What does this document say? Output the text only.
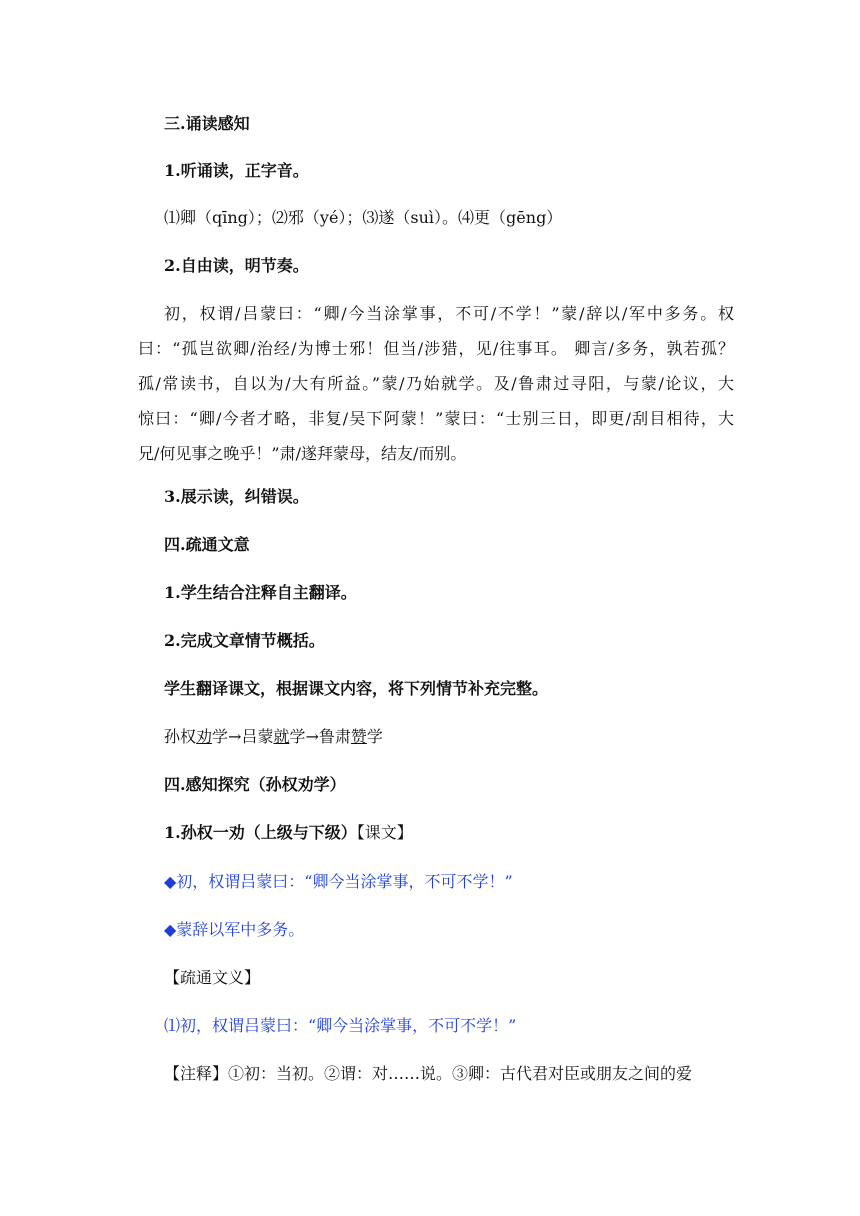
三.诵读感知
1.听诵读，正字音。
⑴卿（qīng）；⑵邪（yé）；⑶遂（suì）。⑷更（gēng）
2.自由读，明节奏。
初，权谓/吕蒙曰：“卿/今当涂掌事，不可/不学！”蒙/辞以/军中多务。权
曰：“孤岂欲卿/治经/为博士邪！但当/涉猎，见/往事耳。 卿言/多务，孰若孤？
孤/常读书，自以为/大有所益。”蒙/乃始就学。及/鲁肃过寻阳，与蒙/论议，大
惊曰：“卿/今者才略，非复/吴下阿蒙！”蒙曰：“士别三日，即更/刮目相待，大
兄/何见事之晚乎！”肃/遂拜蒙母，结友/而别。
3.展示读，纠错误。
四.疏通文意
1.学生结合注释自主翻译。
2.完成文章情节概括。
学生翻译课文，根据课文内容，将下列情节补充完整。
孙权劝学→吕蒙就学→鲁肃赞学
四.感知探究（孙权劝学）
1.孙权一劝（上级与下级）【课文】
◆初，权谓吕蒙曰：“卿今当涂掌事，不可不学！”
◆蒙辞以军中多务。
【疏通文义】
⑴初，权谓吕蒙曰：“卿今当涂掌事，不可不学！”
【注释】①初：当初。②谓：对……说。③卿：古代君对臣或朋友之间的爱
